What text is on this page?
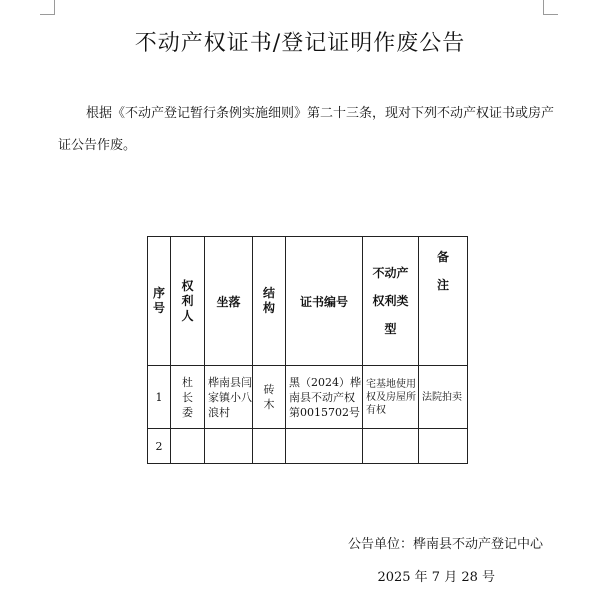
不动产权证书/登记证明作废公告
根据《不动产登记暂行条例实施细则》第二十三条，现对下列不动产权证书或房产证公告作废。
序号	权利人	坐落	结构	证书编号	不动产权利类型	备注
1	杜长委	桦南县闫家镇小八浪村	砖木	黑（2024）桦南县不动产权第0015702号	宅基地使用权及房屋所有权	法院拍卖
2						
公告单位：桦南县不动产登记中心
2025 年 7 月 28 号
